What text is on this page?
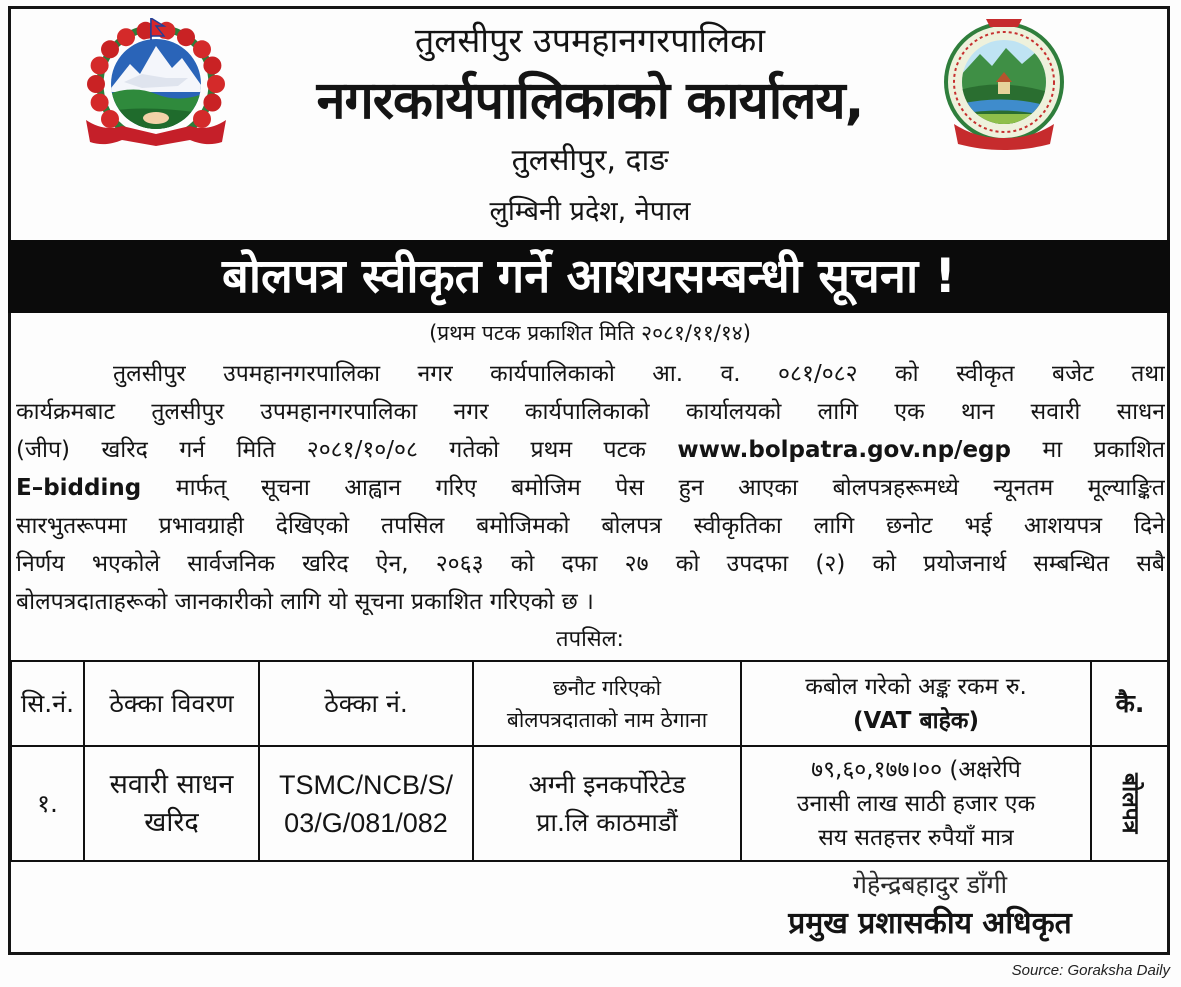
तुलसीपुर उपमहानगरपालिका
नगरकार्यपालिकाको कार्यालय,
तुलसीपुर, दाङ
लुम्बिनी प्रदेश, नेपाल
बोलपत्र स्वीकृत गर्ने आशयसम्बन्धी सूचना !
(प्रथम पटक प्रकाशित मिति २०८१/११/१४)
तुलसीपुर उपमहानगरपालिका नगर कार्यपालिकाको आ. व. ०८१/०८२ को स्वीकृत बजेट तथा
कार्यक्रमबाट तुलसीपुर उपमहानगरपालिका नगर कार्यपालिकाको कार्यालयको लागि एक थान सवारी साधन
(जीप) खरिद गर्न मिति २०८१/१०/०८ गतेको प्रथम पटक www.bolpatra.gov.np/egp मा प्रकाशित
E–bidding मार्फत् सूचना आह्वान गरिए बमोजिम पेस हुन आएका बोलपत्रहरूमध्ये न्यूनतम मूल्याङ्कित
सारभुतरूपमा प्रभावग्राही देखिएको तपसिल बमोजिमको बोलपत्र स्वीकृतिका लागि छनोट भई आशयपत्र दिने
निर्णय भएकोले सार्वजनिक खरिद ऐन, २०६३ को दफा २७ को उपदफा (२) को प्रयोजनार्थ सम्बन्धित सबै
बोलपत्रदाताहरूको जानकारीको लागि यो सूचना प्रकाशित गरिएको छ ।
तपसिल:
सि.नं. ठेक्का विवरण	ठेक्का नं.
छनौट गरिएको
बोलपत्रदाताको नाम ठेगाना
कबोल गरेको अङ्क रकम रु.
(VAT बाहेक)
कै.
१.
सवारी साधन
खरिद
TSMC/NCB/S/
03/G/081/082
अग्नी इनकर्पोरेटेड
प्रा.लि काठमाडौं
७९,६०,१७७।०० (अक्षरेपि
उनासी लाख साठी हजार एक
सय सतहत्तर रुपैयाँ मात्र
बोलपत्र
गेहेन्द्रबहादुर डाँगी
प्रमुख प्रशासकीय अधिकृत
Source: Goraksha Daily
